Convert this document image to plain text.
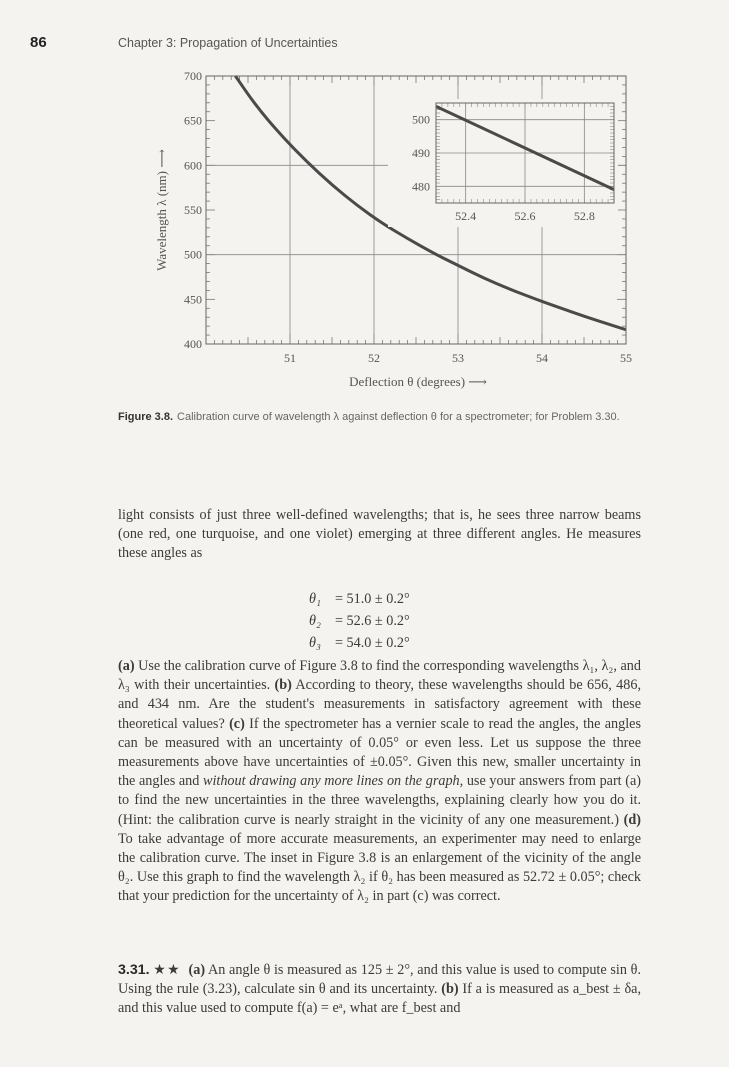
86	Chapter 3: Propagation of Uncertainties
400
450
500
550
600
650
700
51	52	53	54	55
Wavelength λ (nm) ⟶
Deflection θ (degrees) ⟶
480
490
500
52.4	52.6	52.8
Figure 3.8. Calibration curve of wavelength λ against deflection θ for a spectrometer; for Problem 3.30.

light consists of just three well-defined wavelengths; that is, he sees three narrow beams (one red, one turquoise, and one violet) emerging at three different angles. He measures these angles as

θ₁ = 51.0 ± 0.2°
θ₂ = 52.6 ± 0.2°
θ₃ = 54.0 ± 0.2°

(a) Use the calibration curve of Figure 3.8 to find the corresponding wavelengths λ₁, λ₂, and λ₃ with their uncertainties. (b) According to theory, these wavelengths should be 656, 486, and 434 nm. Are the student's measurements in satisfactory agreement with these theoretical values? (c) If the spectrometer has a vernier scale to read the angles, the angles can be measured with an uncertainty of 0.05° or even less. Let us suppose the three measurements above have uncertainties of ±0.05°. Given this new, smaller uncertainty in the angles and without drawing any more lines on the graph, use your answers from part (a) to find the new uncertainties in the three wavelengths, explaining clearly how you do it. (Hint: the calibration curve is nearly straight in the vicinity of any one measurement.) (d) To take advantage of more accurate measurements, an experimenter may need to enlarge the calibration curve. The inset in Figure 3.8 is an enlargement of the vicinity of the angle θ₂. Use this graph to find the wavelength λ₂ if θ₂ has been measured as 52.72 ± 0.05°; check that your prediction for the uncertainty of λ₂ in part (c) was correct.

3.31. ★★ (a) An angle θ is measured as 125 ± 2°, and this value is used to compute sin θ. Using the rule (3.23), calculate sin θ and its uncertainty. (b) If a is measured as a_best ± δa, and this value used to compute f(a) = eᵃ, what are f_best and
